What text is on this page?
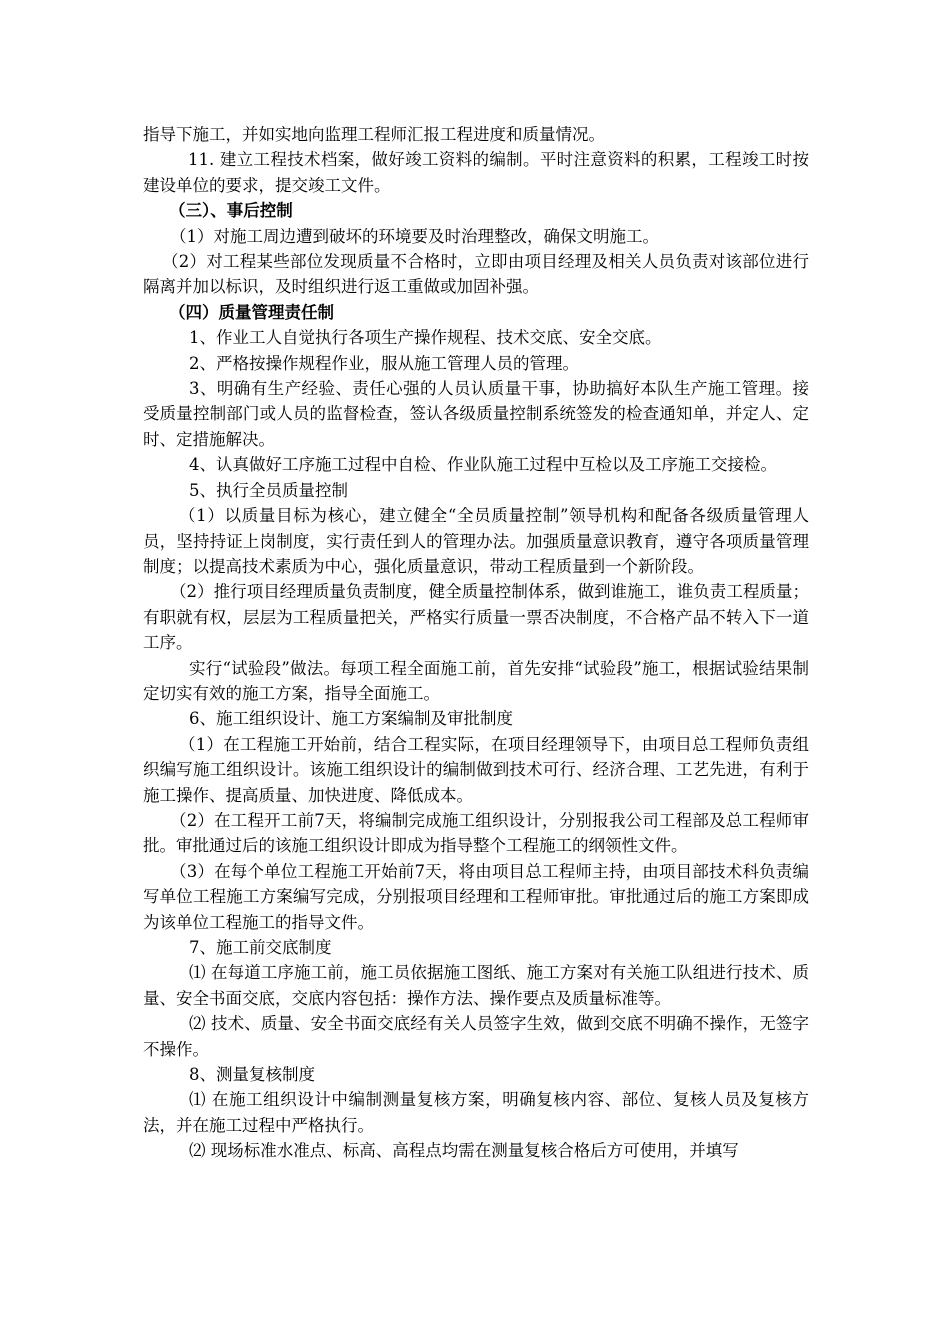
指导下施工，并如实地向监理工程师汇报工程进度和质量情况。

11. 建立工程技术档案，做好竣工资料的编制。平时注意资料的积累，工程竣工时按建设单位的要求，提交竣工文件。

（三）、事后控制

（1）对施工周边遭到破坏的环境要及时治理整改，确保文明施工。

（2）对工程某些部位发现质量不合格时，立即由项目经理及相关人员负责对该部位进行隔离并加以标识，及时组织进行返工重做或加固补强。

（四）质量管理责任制

1、作业工人自觉执行各项生产操作规程、技术交底、安全交底。

2、严格按操作规程作业，服从施工管理人员的管理。

3、明确有生产经验、责任心强的人员认质量干事，协助搞好本队生产施工管理。接受质量控制部门或人员的监督检查，签认各级质量控制系统签发的检查通知单，并定人、定时、定措施解决。

4、认真做好工序施工过程中自检、作业队施工过程中互检以及工序施工交接检。

5、执行全员质量控制

（1）以质量目标为核心，建立健全“全员质量控制”领导机构和配备各级质量管理人员，坚持持证上岗制度，实行责任到人的管理办法。加强质量意识教育，遵守各项质量管理制度；以提高技术素质为中心，强化质量意识，带动工程质量到一个新阶段。

（2）推行项目经理质量负责制度，健全质量控制体系，做到谁施工，谁负责工程质量；有职就有权，层层为工程质量把关，严格实行质量一票否决制度，不合格产品不转入下一道工序。

实行“试验段”做法。每项工程全面施工前，首先安排“试验段”施工，根据试验结果制定切实有效的施工方案，指导全面施工。

6、施工组织设计、施工方案编制及审批制度

（1）在工程施工开始前，结合工程实际，在项目经理领导下，由项目总工程师负责组织编写施工组织设计。该施工组织设计的编制做到技术可行、经济合理、工艺先进，有利于施工操作、提高质量、加快进度、降低成本。

（2）在工程开工前7天，将编制完成施工组织设计，分别报我公司工程部及总工程师审批。审批通过后的该施工组织设计即成为指导整个工程施工的纲领性文件。

（3）在每个单位工程施工开始前7天，将由项目总工程师主持，由项目部技术科负责编写单位工程施工方案编写完成，分别报项目经理和工程师审批。审批通过后的施工方案即成为该单位工程施工的指导文件。

7、施工前交底制度

⑴ 在每道工序施工前，施工员依据施工图纸、施工方案对有关施工队组进行技术、质量、安全书面交底，交底内容包括：操作方法、操作要点及质量标准等。

⑵ 技术、质量、安全书面交底经有关人员签字生效，做到交底不明确不操作，无签字不操作。

8、测量复核制度

⑴ 在施工组织设计中编制测量复核方案，明确复核内容、部位、复核人员及复核方法，并在施工过程中严格执行。

⑵ 现场标准水准点、标高、高程点均需在测量复核合格后方可使用，并填写
